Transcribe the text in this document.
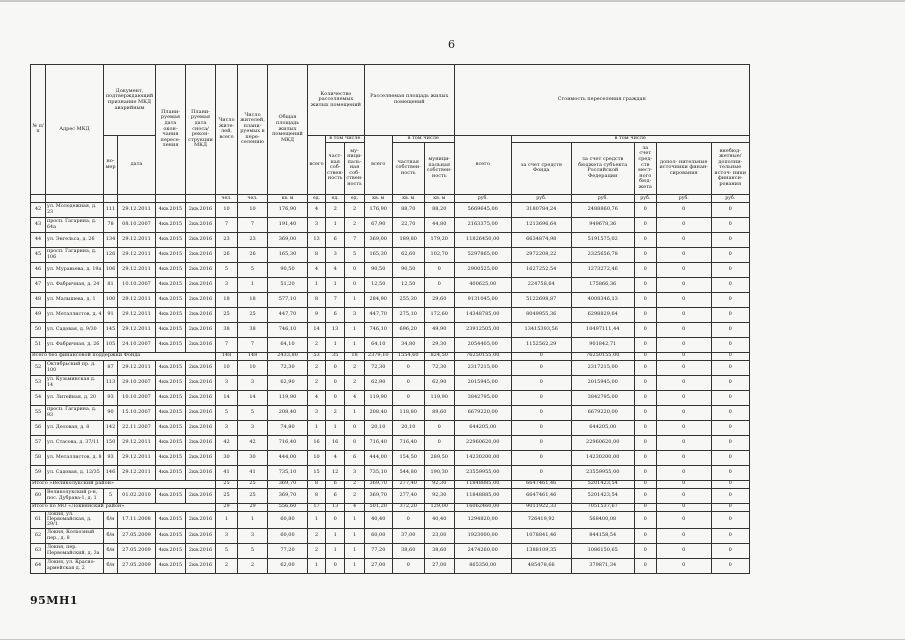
6
№ п/п	Адрес МКД	Документ, подтверждающий признание МКД аварийным		Плани- руемая дата окон- чания пересе- ления	Плани- руемая дата сноса/ рекон- струкции МКД	Число жите- лей, всего	Число жителей, плани- руемых к пере- селению	Общая площадь жилых помещений МКД	Количество расселяемых жилых помещений			Расселяемая площадь жилых помещений			Стоимость переселения граждан					
		но- мер	дата						всего	в том числе		всего	в том числе		всего	в том числе				
										част- ная соб- ствен- ность	му- ници- паль- ная соб- ствен- ность		частная собствен- ность	муници- пальная собствен- ность		за счет средств Фонда	за счет средств бюджета субъекта Российской Федерации	за счет сред- ств мест- ного бюд- жета	допол- нительные источники финан- сирования	внебюд- жетные/ дополни- тельные источ- ники финанси- рования
						чел.	чел.	кв. м	ед.	ед.	ед.	кв. м	кв. м	кв. м	руб.	руб.	руб.	руб.	руб.	руб.
42	ул. Молодежная, д. 23	111	29.12.2011	4кв.2015	2кв.2016	10	10	176,90	4	2	2	176,90	88,70	88,20	5669645,00	3180784,24	2488860,76	0	0	0
43	просп. Гагарина, д. 64а	78	08.10.2007	4кв.2015	2кв.2016	7	7	191,40	3	1	2	67,90	22,70	44,80	2163375,00	1213696,64	949678,36	0	0	0
44	ул. Энгельса, д. 26	134	29.12.2011	4кв.2015	2кв.2016	23	23	369,00	13	6	7	369,00	189,80	179,20	11826450,00	6634874,98	5191575,02	0	0	0
45	просп. Гагарина, д. 106	126	29.12.2011	4кв.2015	2кв.2016	26	26	165,30	8	3	5	165,30	62,60	102,70	5297865,00	2972208,22	2325656,78	0	0	0
46	ул. Муравьева, д. 19а	106	29.12.2011	4кв.2015	2кв.2016	5	5	90,50	4	4	0	90,50	90,50	0	2900525,00	1627252,54	1273272,46	0	0	0
47	ул. Фабричная, д. 24	81	10.10.2007	4кв.2015	2кв.2016	3	1	51,20	1	1	0	12,50	12,50	0	400625,00	224758,64	175866,36	0	0	0
48	ул. Малышева, д. 1	100	29.12.2011	4кв.2015	2кв.2016	18	18	577,10	8	7	1	284,90	255,30	29,60	9131045,00	5122698,87	4008346,13	0	0	0
49	ул. Металлистов, д. 4	91	29.12.2011	4кв.2015	2кв.2016	25	25	447,70	9	6	3	447,70	275,10	172,60	14348785,00	8049955,36	6298829,64	0	0	0
50	ул. Садовая, д. 9/30	145	29.12.2011	4кв.2015	2кв.2016	38	38	746,10	14	13	1	746,10	696,20	49,90	23912505,00	13415393,56	10497111,44	0	0	0
51	ул. Фабричная, д. 26	105	24.10.2007	4кв.2015	2кв.2016	7	7	64,10	2	1	1	64,10	34,80	29,30	2054405,00	1152562,29	901842,71	0	0	0
Всего без финансовой поддержки Фонда						148	148	2433,80	53	35	18	2379,10	1554,60	824,50	76250155,00	0	76250155,00	0	0	0
52	Октябрьский пр. д. 100	87	29.12.2011	4кв.2015	2кв.2016	10	10	72,30	2	0	2	72,30	0	72,30	2317215,00	0	2317215,00	0	0	0
53	ул. Кузьминская д. 14	113	29.10.2007	4кв.2015	2кв.2016	3	3	62,90	2	0	2	62,90	0	62,90	2015945,00	0	2015945,00	0	0	0
54	ул. Литейная, д. 20	93	10.10.2007	4кв.2015	2кв.2016	14	14	119,90	4	0	4	119,90	0	119,90	3842795,00	0	3842795,00	0	0	0
55	просп. Гагарина, д. 93	90	15.10.2007	4кв.2015	2кв.2016	5	5	208,40	3	2	1	208,40	118,80	89,60	6679220,00	0	6679220,00	0	0	0
56	ул. Деловая, д. 8	142	22.11.2007	4кв.2015	2кв.2016	3	3	74,80	1	1	0	20,10	20,10	0	644205,00	0	644205,00	0	0	0
57	ул. Стасова, д. 37/11	150	29.12.2011	4кв.2015	2кв.2016	42	42	716,40	16	16	0	716,40	716,40	0	22960620,00	0	22960620,00	0	0	0
58	ул. Металлистов, д. 8	93	29.12.2011	4кв.2015	2кв.2016	30	30	444,00	10	4	6	444,00	154,50	289,50	14230200,00	0	14230200,00	0	0	0
59	ул. Садовая, д. 12/35	146	29.12.2011	4кв.2015	2кв.2016	41	41	735,10	15	12	3	735,10	544,80	190,30	23559955,00	0	23559955,00	0	0	0
Итого «Великолукский район»						25	25	369,70	8	6	2	369,70	277,40	92,30	11848885,00	6647461,46	5201423,54	0	0	0
60	Великолукский р-н, пос. Дубрава-1, д. 1	5	01.02.2010	4кв.2015	2кв.2016	25	25	369,70	8	6	2	369,70	277,40	92,30	11848885,00	6647461,46	5201423,54	0	0	0
Итого по МО «Локнянский район»						29	29	556,60	17	13	4	501,20	372,20	129,00	16062460,00	9011922,33	7051537,67	0	0	0
61	Локня, ул. Первомайская, д. 29/1	б/н	17.11.2008	4кв.2015	2кв.2016	1	1	60,80	1	0	1	40,40	0	40,40	1294820,00	726419,92	568400,08	0	0	0
62	Локня, Колхозный пер., д. 8	б/н	27.05.2009	4кв.2015	2кв.2016	3	3	60,00	2	1	1	60,00	37,00	23,00	1923000,00	1078841,46	844158,54	0	0	0
63	Локня, пер. Первомайский, д. 3а	б/н	27.05.2009	4кв.2015	2кв.2016	5	5	77,20	2	1	1	77,20	38,60	38,60	2474260,00	1388109,35	1086150,65	0	0	0
64	Локня, ул. Красно-армейская д. 2	б/н	27.05.2009	4кв.2015	2кв.2016	2	2	62,00	1	0	1	27,00	0	27,00	865350,00	485478,66	379871,34	0	0	0
95МН1
